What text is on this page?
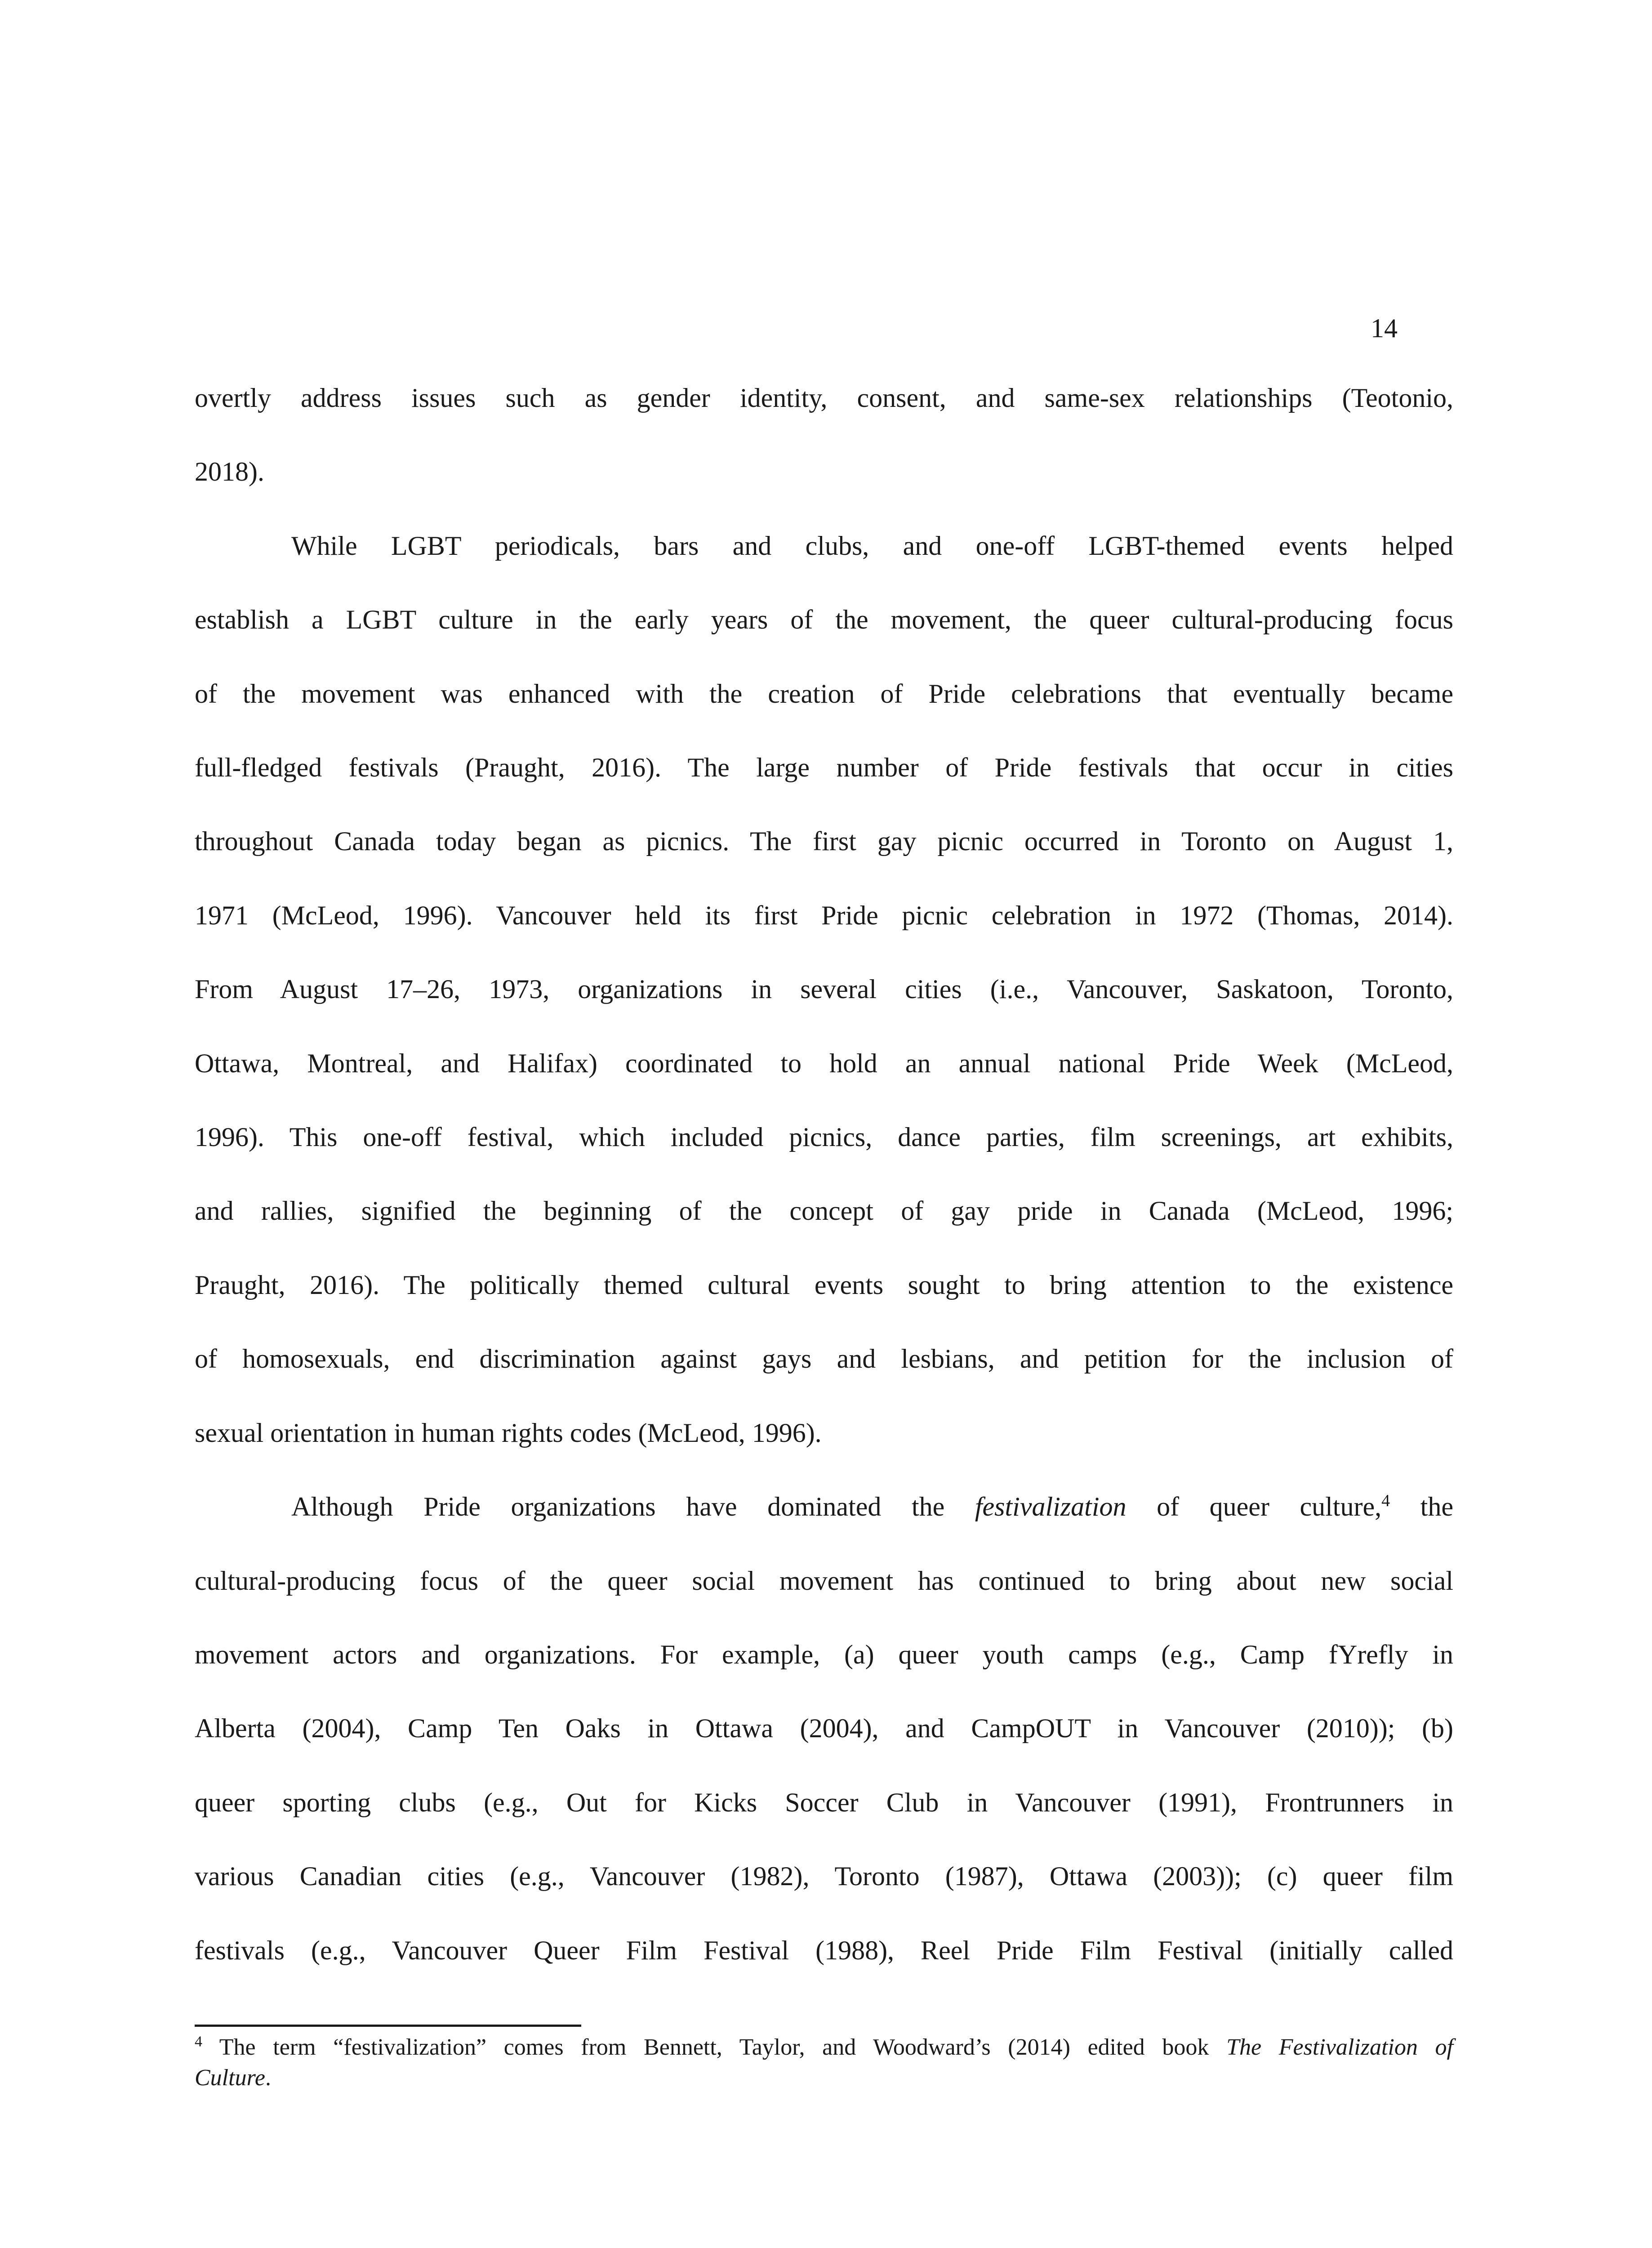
14

overtly address issues such as gender identity, consent, and same-sex relationships (Teotonio,
2018).

While LGBT periodicals, bars and clubs, and one-off LGBT-themed events helped
establish a LGBT culture in the early years of the movement, the queer cultural-producing focus
of the movement was enhanced with the creation of Pride celebrations that eventually became
full-fledged festivals (Praught, 2016). The large number of Pride festivals that occur in cities
throughout Canada today began as picnics. The first gay picnic occurred in Toronto on August 1,
1971 (McLeod, 1996). Vancouver held its first Pride picnic celebration in 1972 (Thomas, 2014).
From August 17–26, 1973, organizations in several cities (i.e., Vancouver, Saskatoon, Toronto,
Ottawa, Montreal, and Halifax) coordinated to hold an annual national Pride Week (McLeod,
1996). This one-off festival, which included picnics, dance parties, film screenings, art exhibits,
and rallies, signified the beginning of the concept of gay pride in Canada (McLeod, 1996;
Praught, 2016). The politically themed cultural events sought to bring attention to the existence
of homosexuals, end discrimination against gays and lesbians, and petition for the inclusion of
sexual orientation in human rights codes (McLeod, 1996).

Although Pride organizations have dominated the festivalization of queer culture,$^4$ the
cultural-producing focus of the queer social movement has continued to bring about new social
movement actors and organizations. For example, (a) queer youth camps (e.g., Camp fYrefly in
Alberta (2004), Camp Ten Oaks in Ottawa (2004), and CampOUT in Vancouver (2010)); (b)
queer sporting clubs (e.g., Out for Kicks Soccer Club in Vancouver (1991), Frontrunners in
various Canadian cities (e.g., Vancouver (1982), Toronto (1987), Ottawa (2003)); (c) queer film
festivals (e.g., Vancouver Queer Film Festival (1988), Reel Pride Film Festival (initially called

$^4$ The term “festivalization” comes from Bennett, Taylor, and Woodward’s (2014) edited book The Festivalization of
Culture.
